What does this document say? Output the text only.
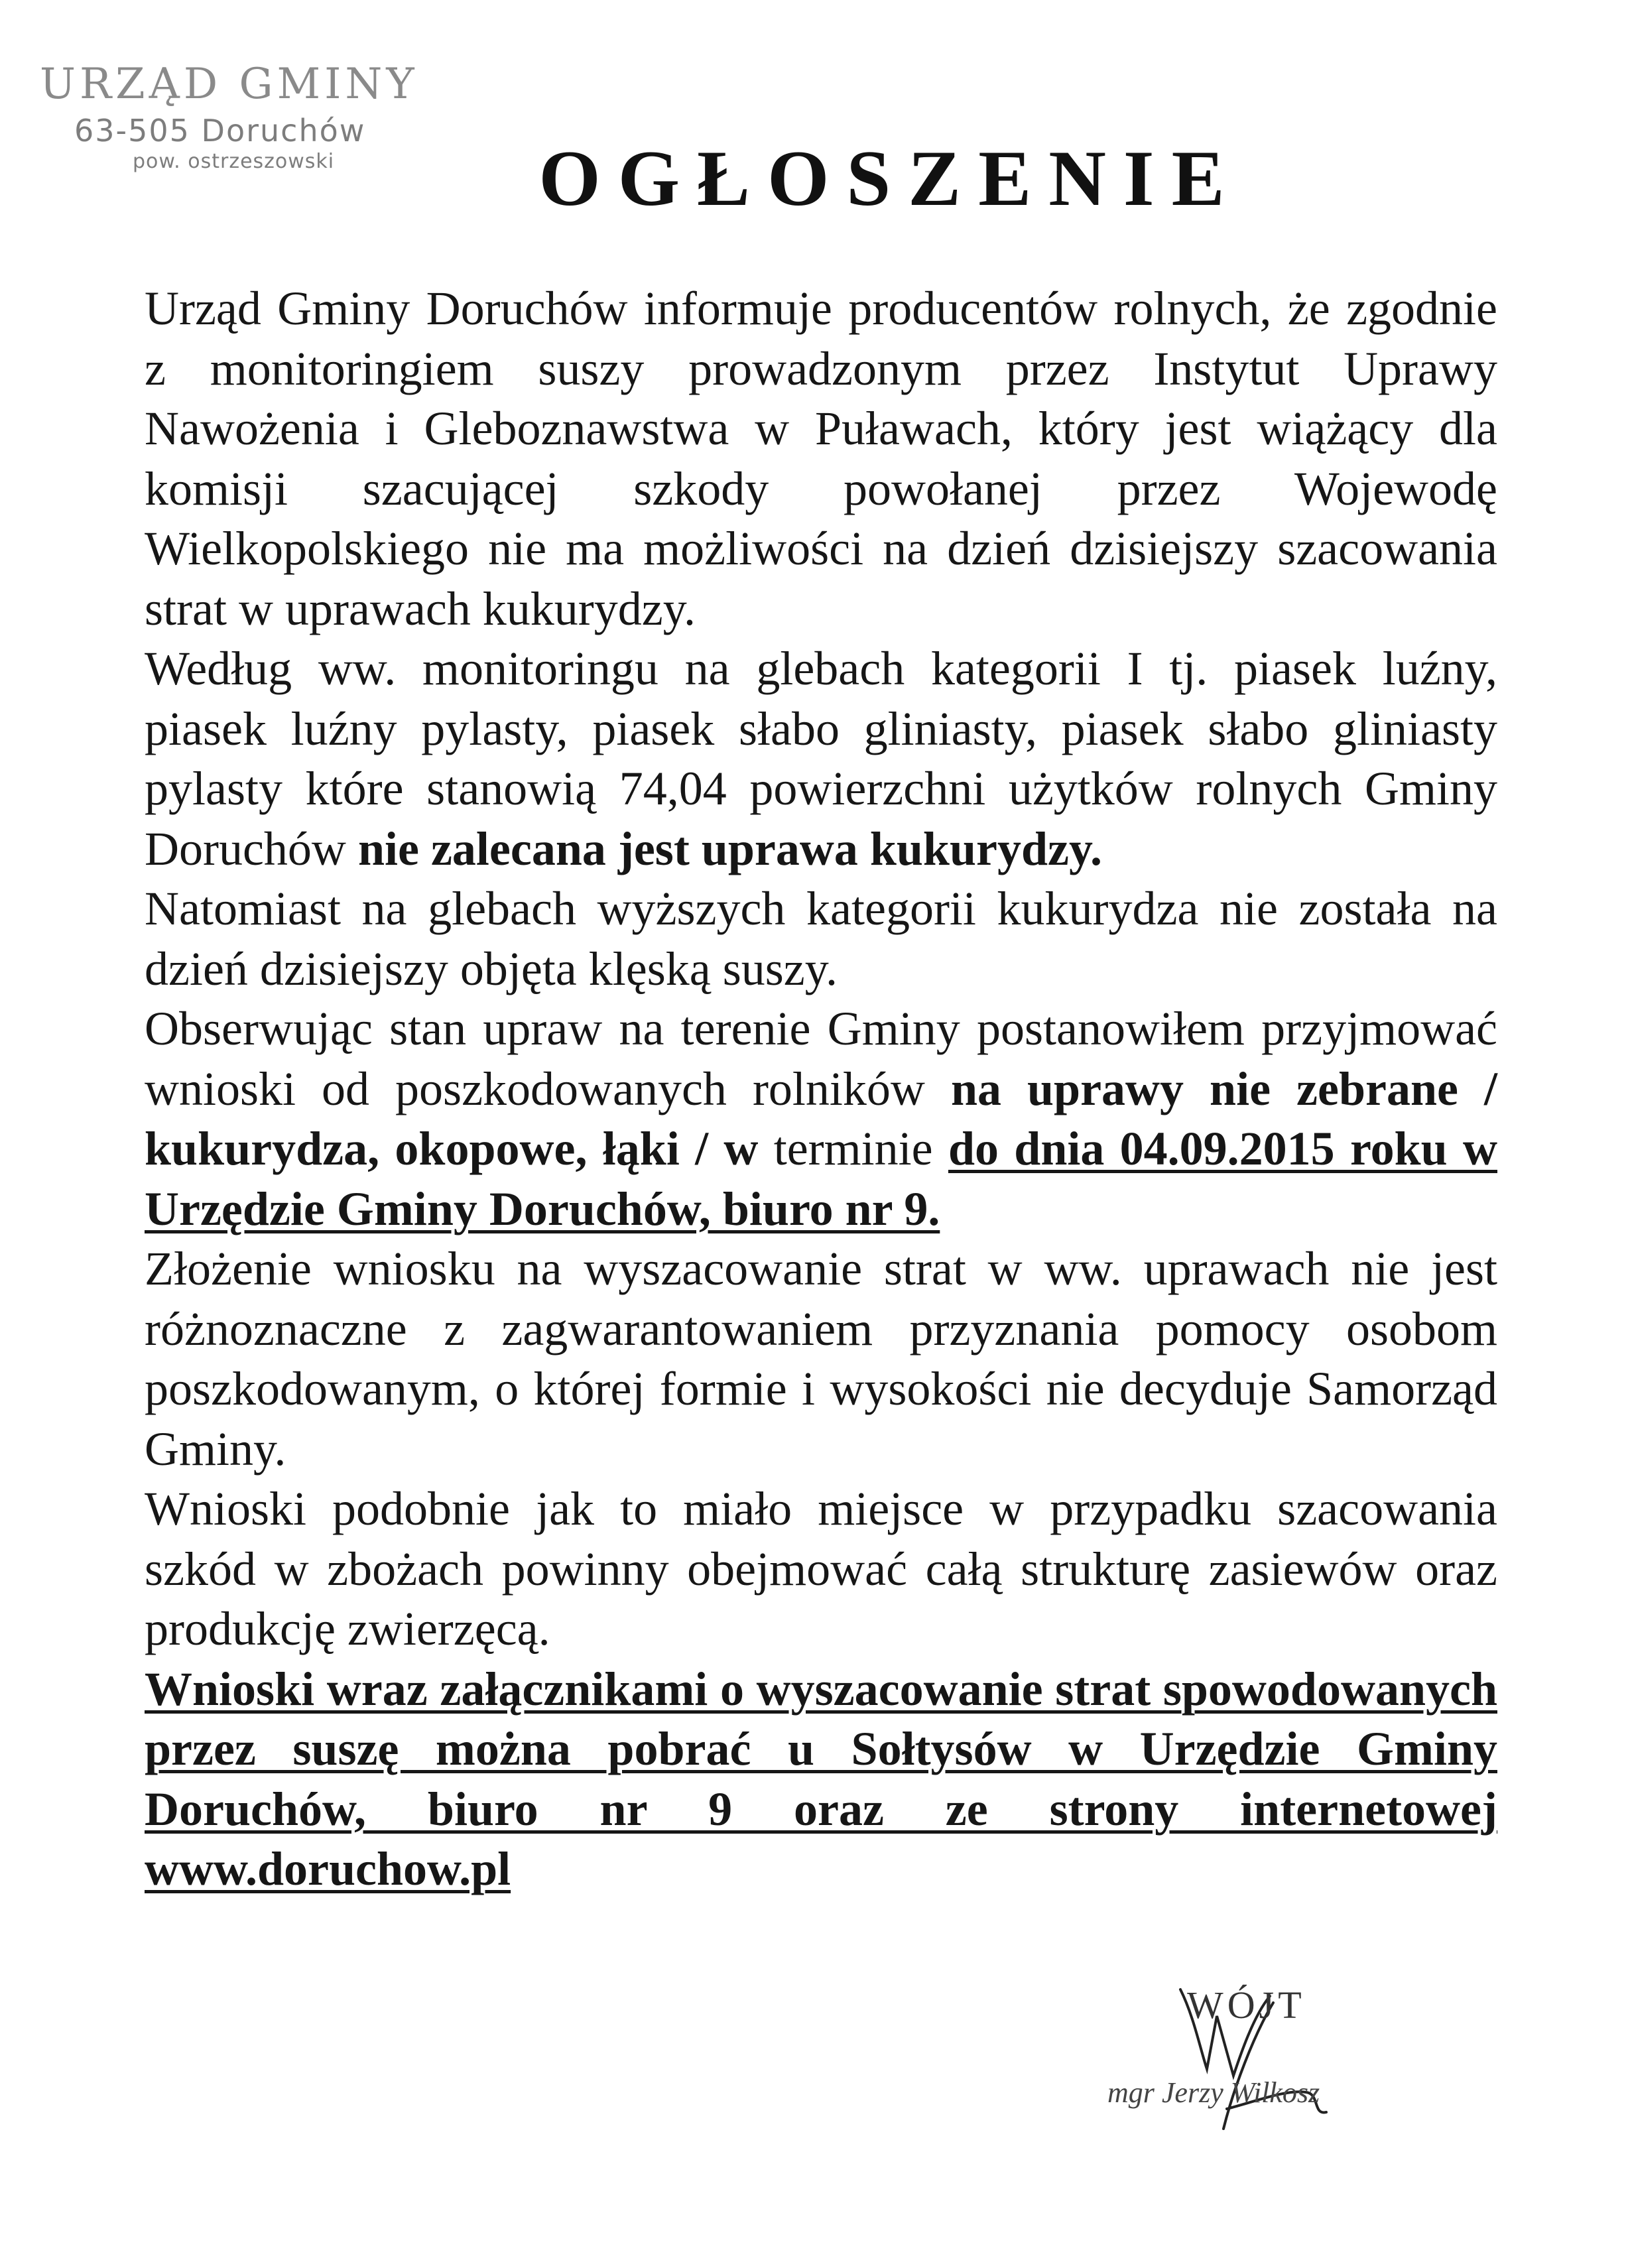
URZĄD GMINY
63-505 Doruchów
pow. ostrzeszowski	OGŁOSZENIE

Urząd Gminy Doruchów informuje producentów rolnych, że zgodnie z monitoringiem suszy prowadzonym przez Instytut Uprawy Nawożenia i Gleboznawstwa w Puławach, który jest wiążący dla komisji szacującej szkody powołanej przez Wojewodę Wielkopolskiego nie ma możliwości na dzień dzisiejszy szacowania strat w uprawach kukurydzy.

Według ww. monitoringu na glebach kategorii I tj. piasek luźny, piasek luźny pylasty, piasek słabo gliniasty, piasek słabo gliniasty pylasty które stanowią 74,04 powierzchni użytków rolnych Gminy Doruchów nie zalecana jest uprawa kukurydzy.

Natomiast na glebach wyższych kategorii kukurydza nie została na dzień dzisiejszy objęta klęską suszy.

Obserwując stan upraw na terenie Gminy postanowiłem przyjmować wnioski od poszkodowanych rolników na uprawy nie zebrane / kukurydza, okopowe, łąki / w terminie do dnia 04.09.2015 roku w Urzędzie Gminy Doruchów, biuro nr 9.

Złożenie wniosku na wyszacowanie strat w ww. uprawach nie jest różnoznaczne z zagwarantowaniem przyznania pomocy osobom poszkodowanym, o której formie i wysokości nie decyduje Samorząd Gminy.

Wnioski podobnie jak to miało miejsce w przypadku szacowania szkód w zbożach powinny obejmować całą strukturę zasiewów oraz produkcję zwierzęcą.

Wnioski wraz załącznikami o wyszacowanie strat spowodowanych przez suszę można pobrać u Sołtysów w Urzędzie Gminy Doruchów, biuro nr 9 oraz ze strony internetowej www.doruchow.pl

WÓJT
mgr Jerzy Wilkosz
